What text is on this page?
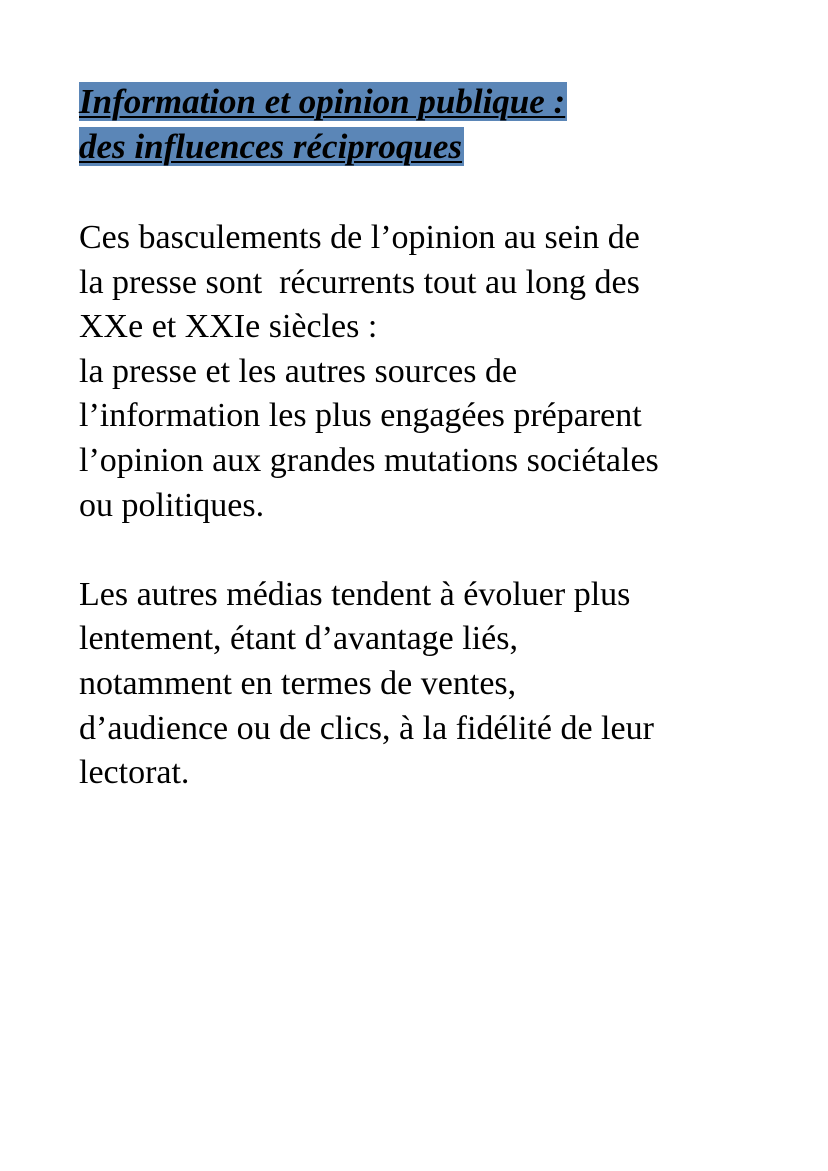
Information et opinion publique :
des influences réciproques

Ces basculements de l’opinion au sein de
la presse sont  récurrents tout au long des
XXe et XXIe siècles :
la presse et les autres sources de
l’information les plus engagées préparent
l’opinion aux grandes mutations sociétales
ou politiques.

Les autres médias tendent à évoluer plus
lentement, étant d’avantage liés,
notamment en termes de ventes,
d’audience ou de clics, à la fidélité de leur
lectorat.
